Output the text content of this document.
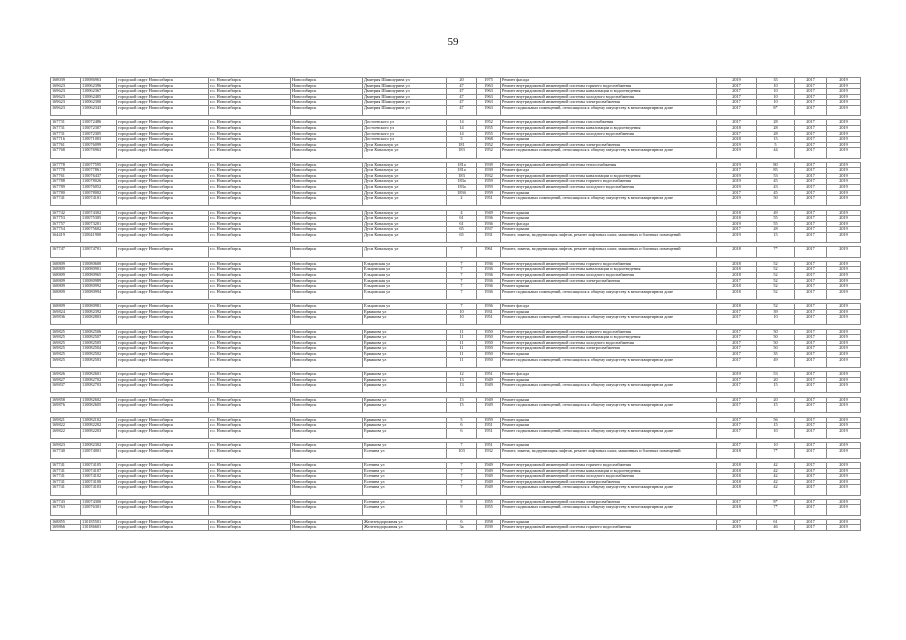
59
168039	110086963	городской округ Новосибирск	г.о. Новосибирск	Новосибирск	Дмитрия Шамшурина ул	20	1975	Ремонт фасада	2019	35	2017	2019
169623	110062396	городской округ Новосибирск	г.о. Новосибирск	Новосибирск	Дмитрия Шамшурина ул	47	1963	Ремонт внутридомовой инженерной системы горячего водоснабжения	2017	10	2017	2019
169623	110062367	городской округ Новосибирск	г.о. Новосибирск	Новосибирск	Дмитрия Шамшурина ул	47	1963	Ремонт внутридомовой инженерной системы канализации и водоотведения	2017	10	2017	2019
169623	110062405	городской округ Новосибирск	г.о. Новосибирск	Новосибирск	Дмитрия Шамшурина ул	47	1963	Ремонт внутридомовой инженерной системы холодного водоснабжения	2017	10	2017	2019
169623	110062300	городской округ Новосибирск	г.о. Новосибирск	Новосибирск	Дмитрия Шамшурина ул	47	1963	Ремонт внутридомовой инженерной системы электроснабжения	2017	10	2017	2019
169623	110062343	городской округ Новосибирск	г.о. Новосибирск	Новосибирск	Дмитрия Шамшурина ул	47	1963	Ремонт подвальных помещений, относящихся к общему имуществу в многоквартирном доме	2017	8*	2017	2019

167731	110072486	городской округ Новосибирск	г.о. Новосибирск	Новосибирск	Достоевского ул	14	1952	Ремонт внутридомовой инженерной системы газоснабжения	2017	28	2017	2019
167731	110072307	городской округ Новосибирск	г.о. Новосибирск	Новосибирск	Достоевского ул	14	1955	Ремонт внутридомовой инженерной системы канализации и водоотведения	2018	28	2017	2019
167731	110072305	городской округ Новосибирск	г.о. Новосибирск	Новосибирск	Достоевского ул	14	1955	Ремонт внутридомовой инженерной системы холодного водоснабжения	2017	28	2017	2019
167716	110071003	городской округ Новосибирск	г.о. Новосибирск	Новосибирск	Достоевского ул	5	1968	Ремонт крыши	2018	15	2017	2019
167761	110076099	городской округ Новосибирск	г.о. Новосибирск	Новосибирск	Дуси Ковальчук ул	181	1952	Ремонт внутридомовой инженерной системы электроснабжения	2019	5	2017	2019
167768	110076963	городской округ Новосибирск	г.о. Новосибирск	Новосибирск	Дуси Ковальчук ул	183	1952	Ремонт подвальных помещений, относящихся к общему имуществу в многоквартирном доме	2019	44	2017	2019

167778	110077595	городской округ Новосибирск	г.о. Новосибирск	Новосибирск	Дуси Ковальчук ул	181а	1939	Ремонт внутридомовой инженерной системы теплоснабжения	2019	80	2017	2019
167778	110077861	городской округ Новосибирск	г.о. Новосибирск	Новосибирск	Дуси Ковальчук ул	181а	1939	Ремонт фасада	2017	85	2017	2019
167761	110076437	городской округ Новосибирск	г.о. Новосибирск	Новосибирск	Дуси Ковальчук ул	183	1932	Ремонт внутридомовой инженерной системы канализации и водоотведения	2019	53	2017	2019
167788	110078026	городской округ Новосибирск	г.о. Новосибирск	Новосибирск	Дуси Ковальчук ул	183а	1959	Ремонт внутридомовой инженерной системы горячего водоснабжения	2019	45	2017	2019
167789	110076052	городской округ Новосибирск	г.о. Новосибирск	Новосибирск	Дуси Ковальчук ул	183а	1959	Ремонт внутридомовой инженерной системы холодного водоснабжения	2019	43	2017	2019
167780	110078002	городской округ Новосибирск	г.о. Новосибирск	Новосибирск	Дуси Ковальчук ул	183б	1959	Ремонт крыши	2017	45	2017	2019
167741	110074101	городской округ Новосибирск	г.о. Новосибирск	Новосибирск	Дуси Ковальчук ул	2	1951	Ремонт подвальных помещений, относящихся к общему имуществу в многоквартирном доме	2019	50	2017	2019

167742	110074302	городской округ Новосибирск	г.о. Новосибирск	Новосибирск	Дуси Ковальчук ул	4	1949	Ремонт крыши	2018	49	2017	2019
167753	110075305	городской округ Новосибирск	г.о. Новосибирск	Новосибирск	Дуси Ковальчук ул	61	1936	Ремонт крыши	2018	55	2017	2019
167757	110073201	городской округ Новосибирск	г.о. Новосибирск	Новосибирск	Дуси Ковальчук ул	61	1936	Ремонт фасада	2019	55	2017	2019
167754	110075602	городской округ Новосибирск	г.о. Новосибирск	Новосибирск	Дуси Ковальчук ул	65	1937	Ремонт крыши	2017	28	2017	2019
164419	110041900	городской округ Новосибирск	г.о. Новосибирск	Новосибирск	Дуси Ковальчук ул	65	1931	Ремонт, замена, модернизация лифтов, ремонт лифтовых шахт, машинных и блочных помещений	2019	15	2017	2019

167747	110074701	городской округ Новосибирск	г.о. Новосибирск	Новосибирск	Дуси Ковальчук ул	7	1961	Ремонт, замена, модернизация лифтов, ремонт лифтовых шахт, машинных и блочных помещений	2018	7*	2017	2019

168809	110080600	городской округ Новосибирск	г.о. Новосибирск	Новосибирск	Ельцовская ул	7	1936	Ремонт внутридомовой инженерной системы горячего водоснабжения	2018	52	2017	2019
168809	110080901	городской округ Новосибирск	г.о. Новосибирск	Новосибирск	Ельцовская ул	7	1936	Ремонт внутридомовой инженерной системы канализации и водоотведения	2018	52	2017	2019
168809	110080965	городской округ Новосибирск	г.о. Новосибирск	Новосибирск	Ельцовская ул	7	1936	Ремонт внутридомовой инженерной системы холодного водоснабжения	2018	52	2017	2019
168809	110080989	городской округ Новосибирск	г.о. Новосибирск	Новосибирск	Ельцовская ул	7	1936	Ремонт внутридомовой инженерной системы электроснабжения	2017	52	2017	2019
168809	110080992	городской округ Новосибирск	г.о. Новосибирск	Новосибирск	Ельцовская ул	7	1936	Ремонт крыши	2018	52	2017	2019
168809	110080994	городской округ Новосибирск	г.о. Новосибирск	Новосибирск	Ельцовская ул	7	1936	Ремонт подвальных помещений, относящихся к общему имуществу в многоквартирном доме	2018	52	2017	2019

168809	110080981	городской округ Новосибирск	г.о. Новосибирск	Новосибирск	Ельцовская ул	7	1936	Ремонт фасада	2018	52	2017	2019
169824	110082392	городской округ Новосибирск	г.о. Новосибирск	Новосибирск	Ермакова ул	10	1931	Ремонт крыши	2017	39	2017	2019
169836	110082803	городской округ Новосибирск	г.о. Новосибирск	Новосибирск	Ермакова ул	10	1951	Ремонт подвальных помещений, относящихся к общему имуществу в многоквартирном доме	2017	10	2017	2019

169825	110082506	городской округ Новосибирск	г.о. Новосибирск	Новосибирск	Ермакова ул	11	1950	Ремонт внутридомовой инженерной системы горячего водоснабжения	2017	50	2017	2019
169825	110082507	городской округ Новосибирск	г.о. Новосибирск	Новосибирск	Ермакова ул	11	1950	Ремонт внутридомовой инженерной системы канализации и водоотведения	2017	50	2017	2019
169825	110082505	городской округ Новосибирск	г.о. Новосибирск	Новосибирск	Ермакова ул	11	1950	Ремонт внутридомовой инженерной системы холодного водоснабжения	2017	50	2017	2019
169825	110082504	городской округ Новосибирск	г.о. Новосибирск	Новосибирск	Ермакова ул	11	1950	Ремонт внутридомовой инженерной системы электроснабжения	2017	50	2017	2019
169825	110082502	городской округ Новосибирск	г.о. Новосибирск	Новосибирск	Ермакова ул	11	1950	Ремонт крыши	2017	35	2017	2019
169825	110082503	городской округ Новосибирск	г.о. Новосибирск	Новосибирск	Ермакова ул	11	1950	Ремонт подвальных помещений, относящихся к общему имуществу в многоквартирном доме	2017	49	2017	2019

169826	110082601	городской округ Новосибирск	г.о. Новосибирск	Новосибирск	Ермакова ул	12	1951	Ремонт фасада	2019	53	2017	2019
169827	110082702	городской округ Новосибирск	г.о. Новосибирск	Новосибирск	Ермакова ул	13	1949	Ремонт крыши	2017	20	2017	2019
169837	110082703	городской округ Новосибирск	г.о. Новосибирск	Новосибирск	Ермакова ул	13	1949	Ремонт подвальных помещений, относящихся к общему имуществу в многоквартирном доме	2017	15	2017	2019

169858	110082602	городской округ Новосибирск	г.о. Новосибирск	Новосибирск	Ермакова ул	15	1949	Ремонт крыши	2017	20	2017	2019
169876	110082605	городской округ Новосибирск	г.о. Новосибирск	Новосибирск	Ермакова ул	15	1949	Ремонт подвальных помещений, относящихся к общему имуществу в многоквартирном доме	2017	15	2017	2019

169821	110082102	городской округ Новосибирск	г.о. Новосибирск	Новосибирск	Ермакова ул	5	1959	Ремонт крыши	2017	56	2017	2019
169822	110082202	городской округ Новосибирск	г.о. Новосибирск	Новосибирск	Ермакова ул	6	1951	Ремонт крыши	2017	15	2017	2019
169822	110082203	городской округ Новосибирск	г.о. Новосибирск	Новосибирск	Ермакова ул	6	1951	Ремонт подвальных помещений, относящихся к общему имуществу в многоквартирном доме	2017	10	2017	2019

169823	110082302	городской округ Новосибирск	г.о. Новосибирск	Новосибирск	Ермакова ул	7	1951	Ремонт крыши	2017	10	2017	2019
167740	110074001	городской округ Новосибирск	г.о. Новосибирск	Новосибирск	Есенина ул	103	1932	Ремонт, замена, модернизация лифтов, ремонт лифтовых шахт, машинных и блочных помещений	2018	7*	2017	2019

167741	110074105	городской округ Новосибирск	г.о. Новосибирск	Новосибирск	Есенина ул	7	1949	Ремонт внутридомовой инженерной системы горячего водоснабжения	2018	42	2017	2019
167741	110074107	городской округ Новосибирск	г.о. Новосибирск	Новосибирск	Есенина ул	7	1949	Ремонт внутридомовой инженерной системы канализации и водоотведения	2018	42	2017	2019
167741	110074102	городской округ Новосибирск	г.о. Новосибирск	Новосибирск	Есенина ул	7	1949	Ремонт внутридомовой инженерной системы холодного водоснабжения	2018	42	2017	2019
167741	110074100	городской округ Новосибирск	г.о. Новосибирск	Новосибирск	Есенина ул	7	1949	Ремонт внутридомовой инженерной системы электроснабжения	2018	42	2017	2019
167741	110074103	городской округ Новосибирск	г.о. Новосибирск	Новосибирск	Есенина ул	7	1949	Ремонт подвальных помещений, относящихся к общему имуществу в многоквартирном доме	2018	42	2017	2019

167743	110074300	городской округ Новосибирск	г.о. Новосибирск	Новосибирск	Есенина ул	8	1955	Ремонт внутридомовой инженерной системы электроснабжения	2017	8*	2017	2019
167763	110076301	городской округ Новосибирск	г.о. Новосибирск	Новосибирск	Есенина ул	9	1955	Ремонт подвальных помещений, относящихся к общему имуществу в многоквартирном доме	2018	7*	2017	2019

168855	110185501	городской округ Новосибирск	г.о. Новосибирск	Новосибирск	Железнодорожная ул	6	1958	Ремонт крыши	2017	61	2017	2019
169866	110186601	городской округ Новосибирск	г.о. Новосибирск	Новосибирск	Железнодорожная ул	3а	1939	Ремонт внутридомовой инженерной системы горячего водоснабжения	2019	46	2017	2019
